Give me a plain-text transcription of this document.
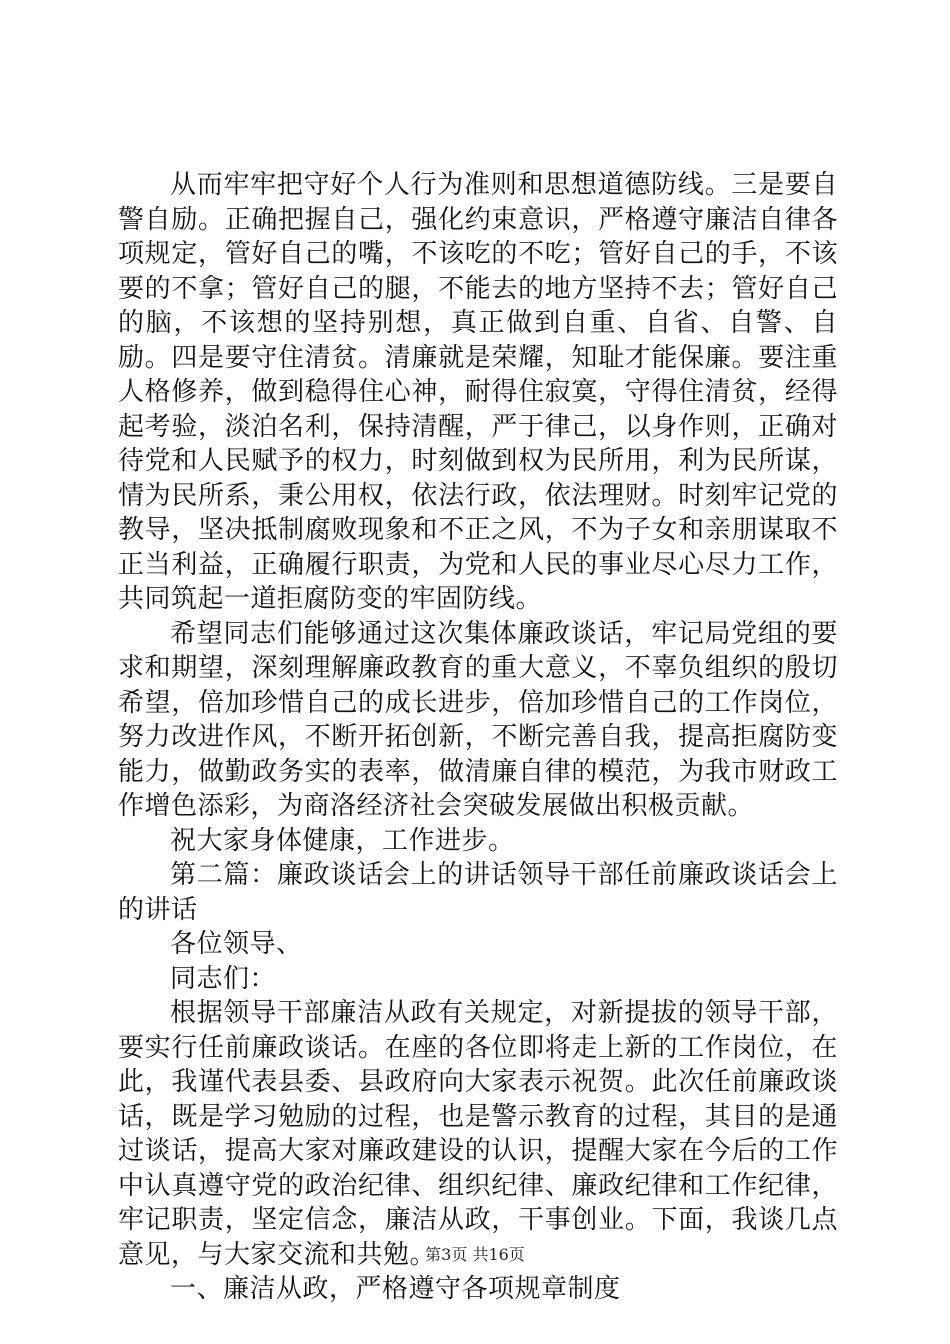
从而牢牢把守好个人行为准则和思想道德防线。三是要自警自励。正确把握自己，强化约束意识，严格遵守廉洁自律各项规定，管好自己的嘴，不该吃的不吃；管好自己的手，不该要的不拿；管好自己的腿，不能去的地方坚持不去；管好自己的脑，不该想的坚持别想，真正做到自重、自省、自警、自励。四是要守住清贫。清廉就是荣耀，知耻才能保廉。要注重人格修养，做到稳得住心神，耐得住寂寞，守得住清贫，经得起考验，淡泊名利，保持清醒，严于律己，以身作则，正确对待党和人民赋予的权力，时刻做到权为民所用，利为民所谋，情为民所系，秉公用权，依法行政，依法理财。时刻牢记党的教导，坚决抵制腐败现象和不正之风，不为子女和亲朋谋取不正当利益，正确履行职责，为党和人民的事业尽心尽力工作，共同筑起一道拒腐防变的牢固防线。

希望同志们能够通过这次集体廉政谈话，牢记局党组的要求和期望，深刻理解廉政教育的重大意义，不辜负组织的殷切希望，倍加珍惜自己的成长进步，倍加珍惜自己的工作岗位，努力改进作风，不断开拓创新，不断完善自我，提高拒腐防变能力，做勤政务实的表率，做清廉自律的模范，为我市财政工作增色添彩，为商洛经济社会突破发展做出积极贡献。

祝大家身体健康，工作进步。

第二篇：廉政谈话会上的讲话领导干部任前廉政谈话会上的讲话

各位领导、

同志们：

根据领导干部廉洁从政有关规定，对新提拔的领导干部，要实行任前廉政谈话。在座的各位即将走上新的工作岗位，在此，我谨代表县委、县政府向大家表示祝贺。此次任前廉政谈话，既是学习勉励的过程，也是警示教育的过程，其目的是通过谈话，提高大家对廉政建设的认识，提醒大家在今后的工作中认真遵守党的政治纪律、组织纪律、廉政纪律和工作纪律，牢记职责，坚定信念，廉洁从政，干事创业。下面，我谈几点意见，与大家交流和共勉。

一、廉洁从政，严格遵守各项规章制度

第3页 共16页
